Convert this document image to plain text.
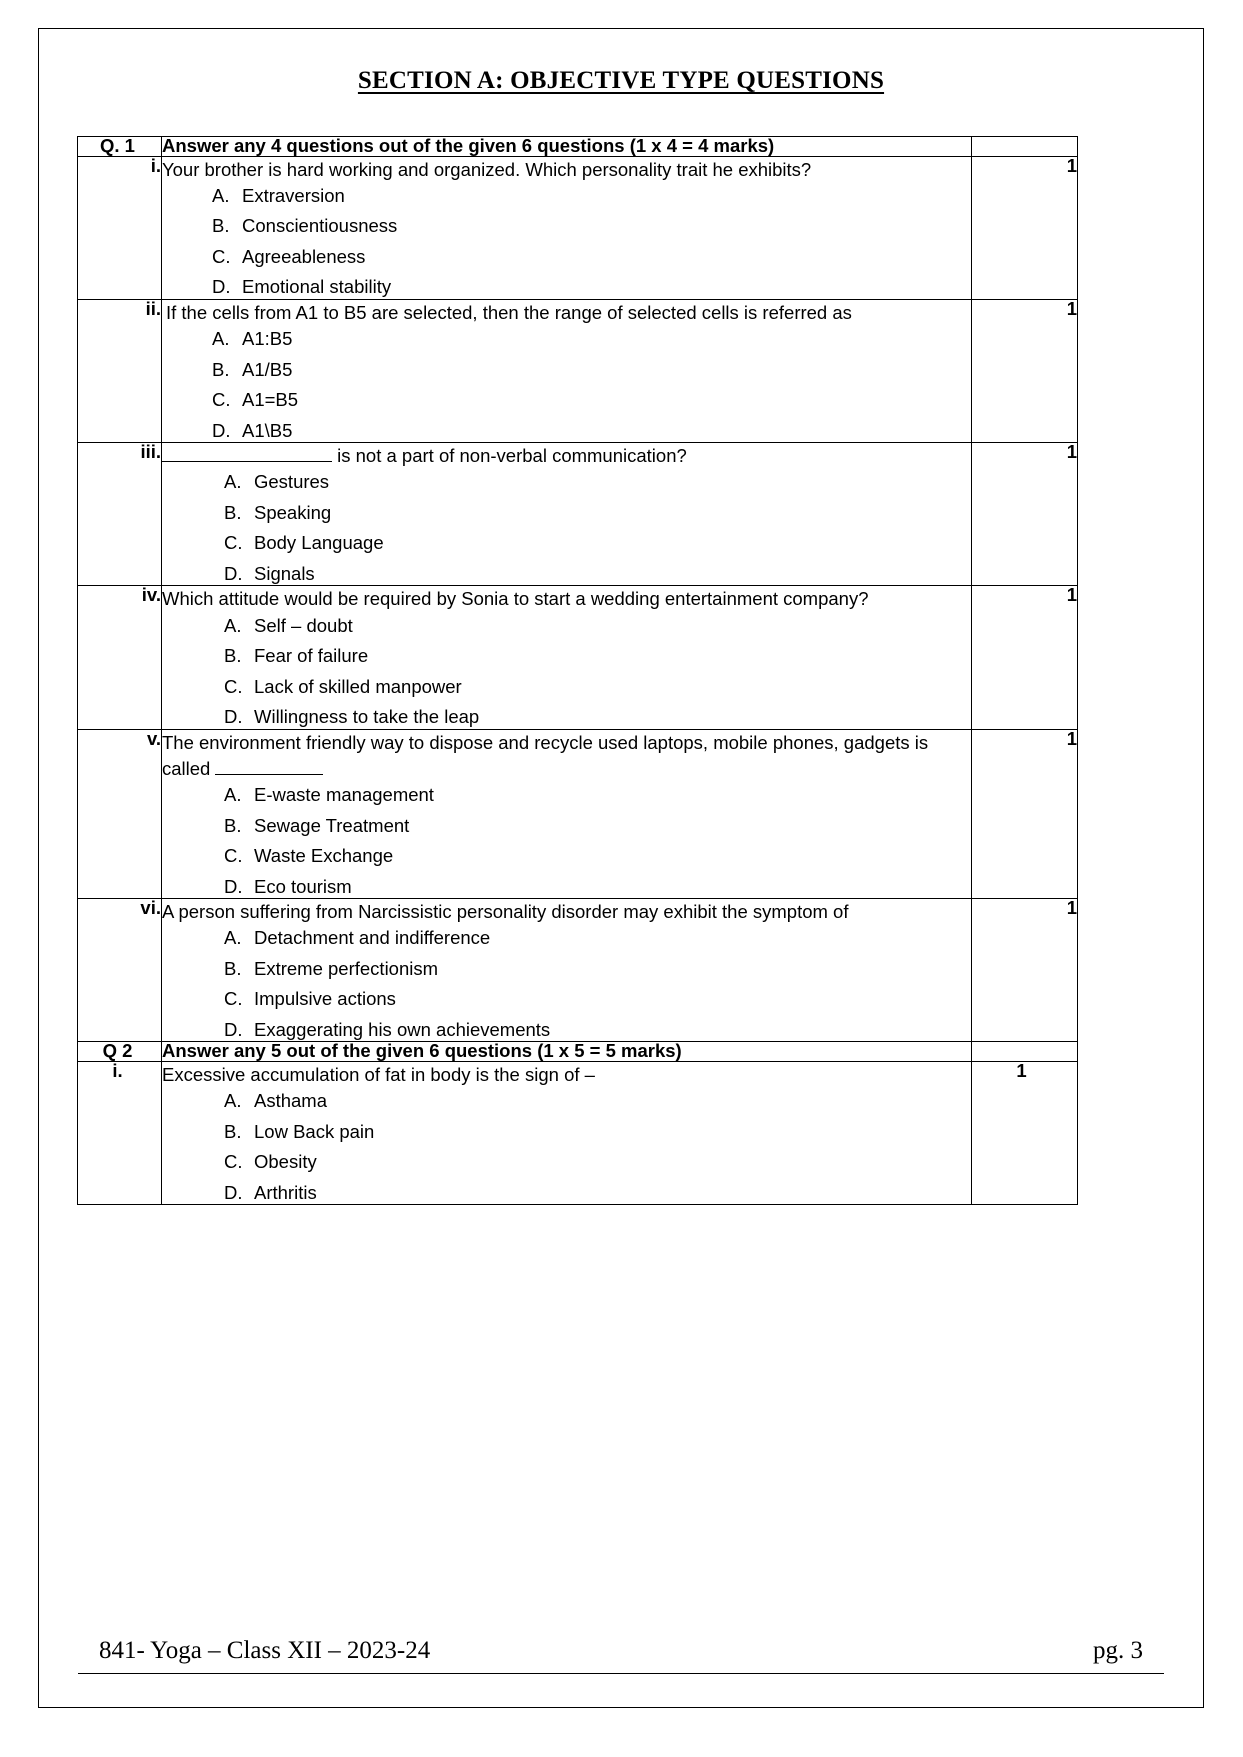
SECTION A: OBJECTIVE TYPE QUESTIONS
Q. 1	Answer any 4 questions out of the given 6 questions (1 x 4 = 4 marks)	
i.	Your brother is hard working and organized. Which personality trait he exhibits?

A. Extraversion
B. Conscientiousness
C. Agreeableness
D. Emotional stability
	1
ii.	If the cells from A1 to B5 are selected, then the range of selected cells is referred as

A. A1:B5
B. A1/B5
C. A1=B5
D. A1\B5
	1
iii.	is not a part of non-verbal communication?

A. Gestures
B. Speaking
C. Body Language
D. Signals
	1
iv.	Which attitude would be required by Sonia to start a wedding entertainment company?

A. Self – doubt
B. Fear of failure
C. Lack of skilled manpower
D. Willingness to take the leap
	1
v.	The environment friendly way to dispose and recycle used laptops, mobile phones, gadgets is called

A. E-waste management
B. Sewage Treatment
C. Waste Exchange
D. Eco tourism
	1
vi.	A person suffering from Narcissistic personality disorder may exhibit the symptom of

A. Detachment and indifference
B. Extreme perfectionism
C. Impulsive actions
D. Exaggerating his own achievements
	1
Q 2	Answer any 5 out of the given 6 questions (1 x 5 = 5 marks)	
i.	Excessive accumulation of fat in body is the sign of –

A. Asthama
B. Low Back pain
C. Obesity
D. Arthritis
	1
841- Yoga – Class XII – 2023-24	pg. 3
